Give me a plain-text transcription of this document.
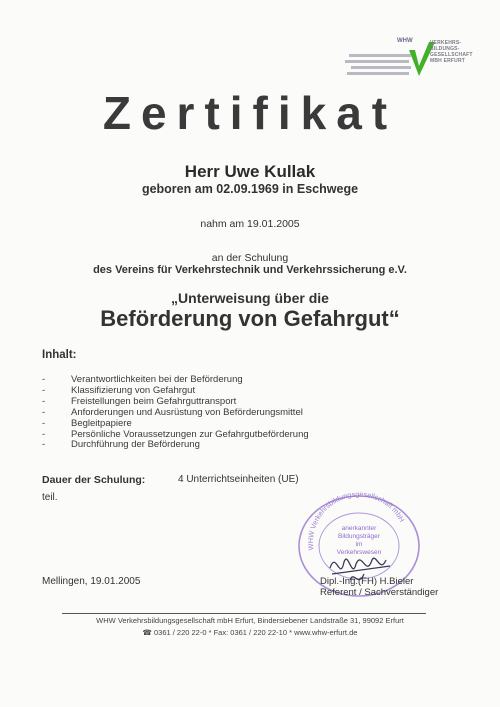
WHW	VERKEHRS-
BILDUNGS-
GESELLSCHAFT
MBH ERFURT
Zertifikat
Herr Uwe Kullak
geboren am 02.09.1969 in Eschwege
nahm am 19.01.2005
an der Schulung
des Vereins für Verkehrstechnik und Verkehrssicherung e.V.
„Unterweisung über die
Beförderung von Gefahrgut“
Inhalt:
-	Verantwortlichkeiten bei der Beförderung
-	Klassifizierung von Gefahrgut
-	Freistellungen beim Gefahrguttransport
-	Anforderungen und Ausrüstung von Beförderungsmittel
-	Begleitpapiere
-	Persönliche Voraussetzungen zur Gefahrgutbeförderung
-	Durchführung der Beförderung
Dauer der Schulung:	4 Unterrichtseinheiten (UE)
teil.
WHW Verkehrsbildungsgesellschaft mbH
anerkannter
Bildungsträger
im
Verkehrswesen
Mellingen, 19.01.2005	Dipl.-Ing.(FH) H.Bieler
Referent / Sachverständiger
WHW Verkehrsbildungsgesellschaft mbH Erfurt, Bindersiebener Landstraße 31, 99092 Erfurt
☎ 0361 / 220 22-0 * Fax: 0361 / 220 22-10 * www.whw-erfurt.de
